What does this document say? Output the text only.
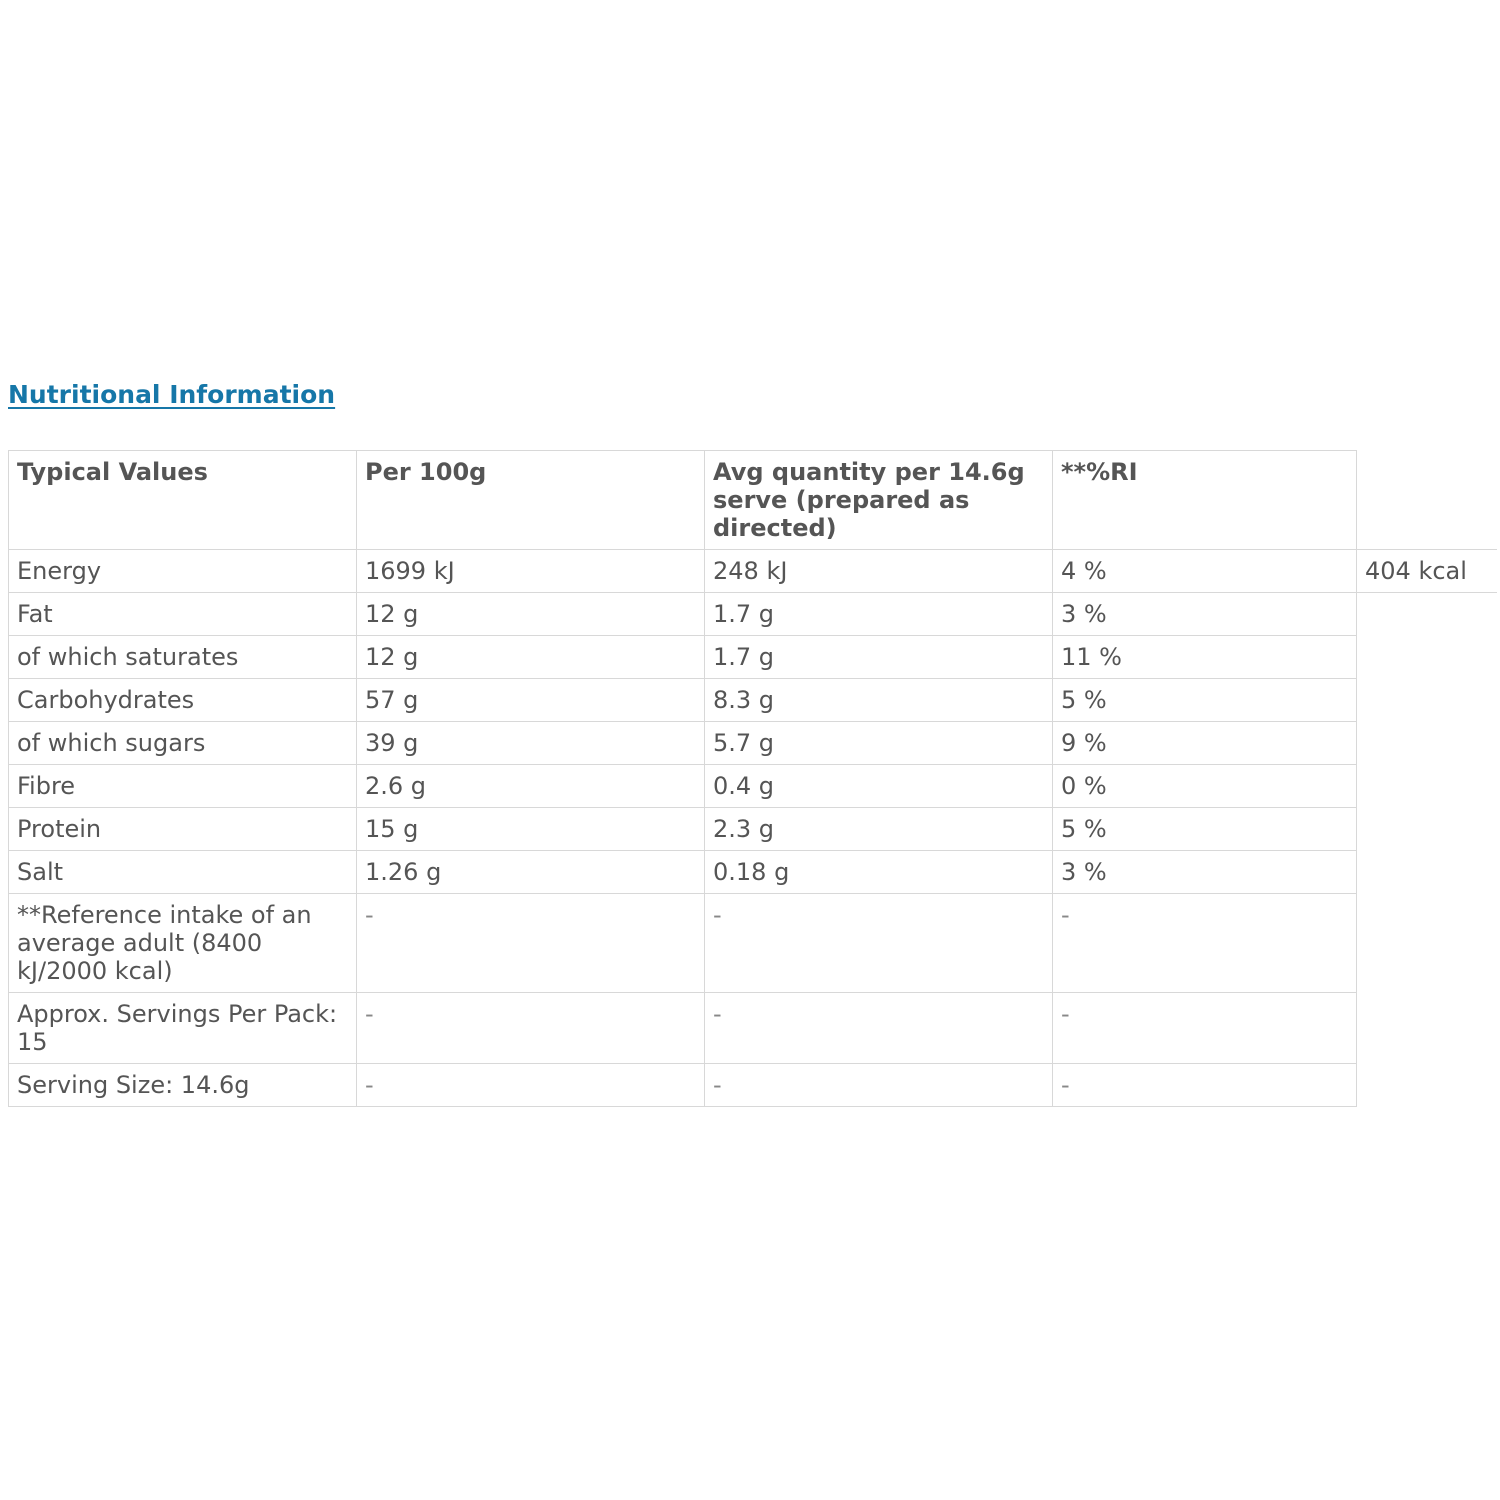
Nutritional Information
Typical Values	Per 100g	Avg quantity per 14.6g serve (prepared as directed)	**%RI	
Energy	1699 kJ	248 kJ	4 %	404 kcal
Fat	12 g	1.7 g	3 %	
of which saturates	12 g	1.7 g	11 %	
Carbohydrates	57 g	8.3 g	5 %	
of which sugars	39 g	5.7 g	9 %	
Fibre	2.6 g	0.4 g	0 %	
Protein	15 g	2.3 g	5 %	
Salt	1.26 g	0.18 g	3 %	
**Reference intake of an average adult (8400 kJ/2000 kcal)	-	-	-	
Approx. Servings Per Pack: 15	-	-	-	
Serving Size: 14.6g	-	-	-	
